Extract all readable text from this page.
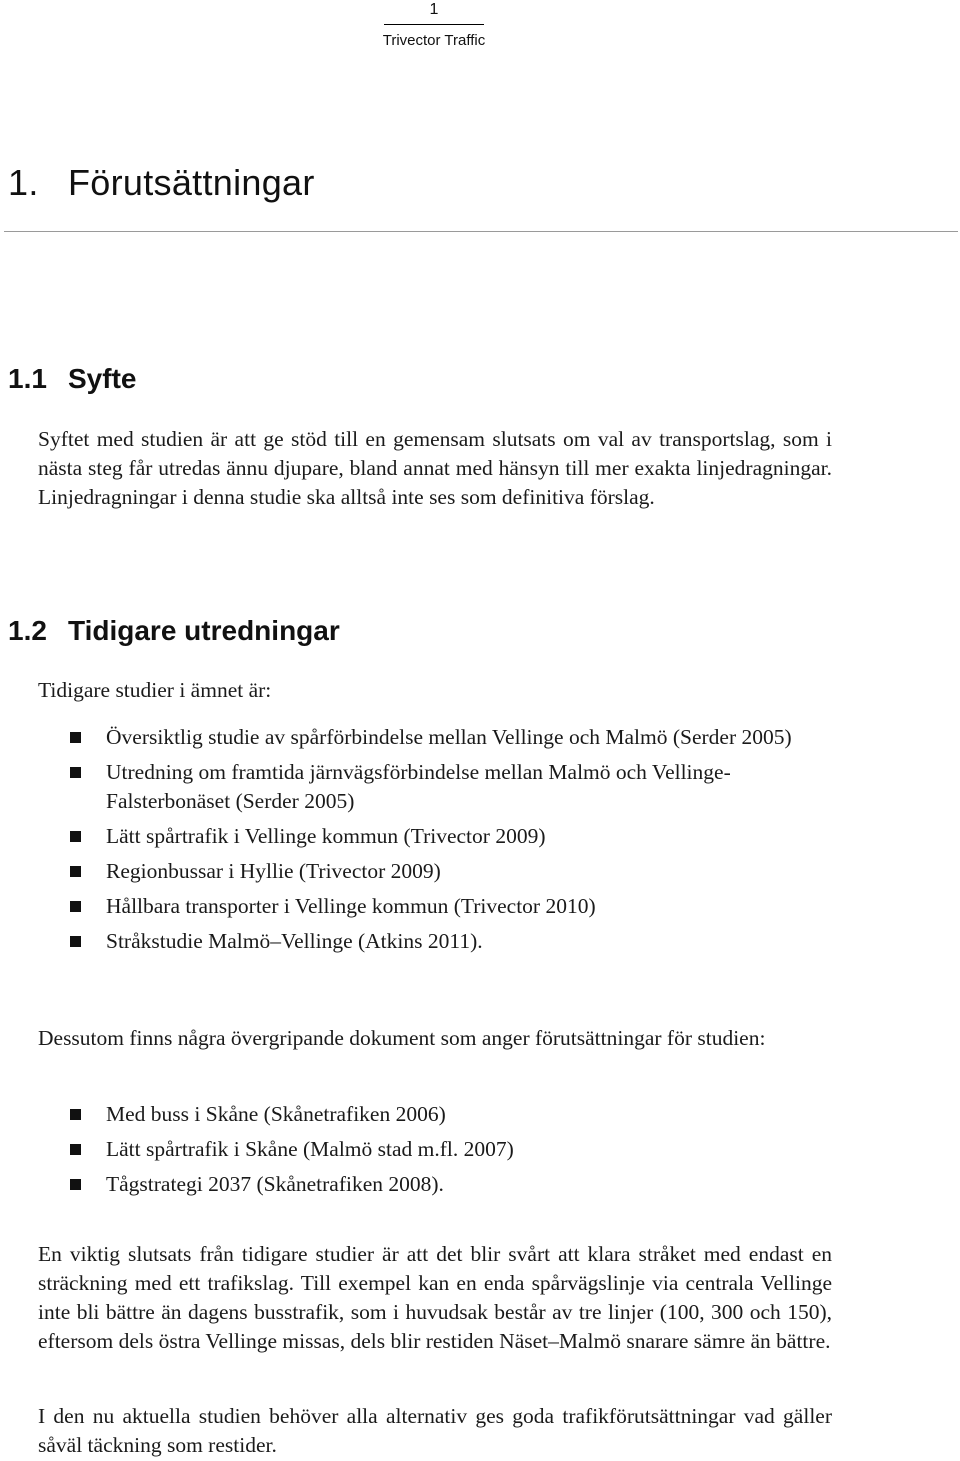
1
Trivector Traffic
1. Förutsättningar
1.1 Syfte

Syftet med studien är att ge stöd till en gemensam slutsats om val av transportslag, som i nästa steg får utredas ännu djupare, bland annat med hänsyn till mer exakta linjedragningar. Linjedragningar i denna studie ska alltså inte ses som definitiva förslag.

1.2 Tidigare utredningar

Tidigare studier i ämnet är:

Översiktlig studie av spårförbindelse mellan Vellinge och Malmö (Serder 2005)
Utredning om framtida järnvägsförbindelse mellan Malmö och Vellinge-Falsterbonäset (Serder 2005)
Lätt spårtrafik i Vellinge kommun (Trivector 2009)
Regionbussar i Hyllie (Trivector 2009)
Hållbara transporter i Vellinge kommun (Trivector 2010)
Stråkstudie Malmö–Vellinge (Atkins 2011).

Dessutom finns några övergripande dokument som anger förutsättningar för studien:

Med buss i Skåne (Skånetrafiken 2006)
Lätt spårtrafik i Skåne (Malmö stad m.fl. 2007)
Tågstrategi 2037 (Skånetrafiken 2008).

En viktig slutsats från tidigare studier är att det blir svårt att klara stråket med endast en sträckning med ett trafikslag. Till exempel kan en enda spårvägslinje via centrala Vellinge inte bli bättre än dagens busstrafik, som i huvudsak består av tre linjer (100, 300 och 150), eftersom dels östra Vellinge missas, dels blir restiden Näset–Malmö snarare sämre än bättre.

I den nu aktuella studien behöver alla alternativ ges goda trafikförutsättningar vad gäller såväl täckning som restider.
